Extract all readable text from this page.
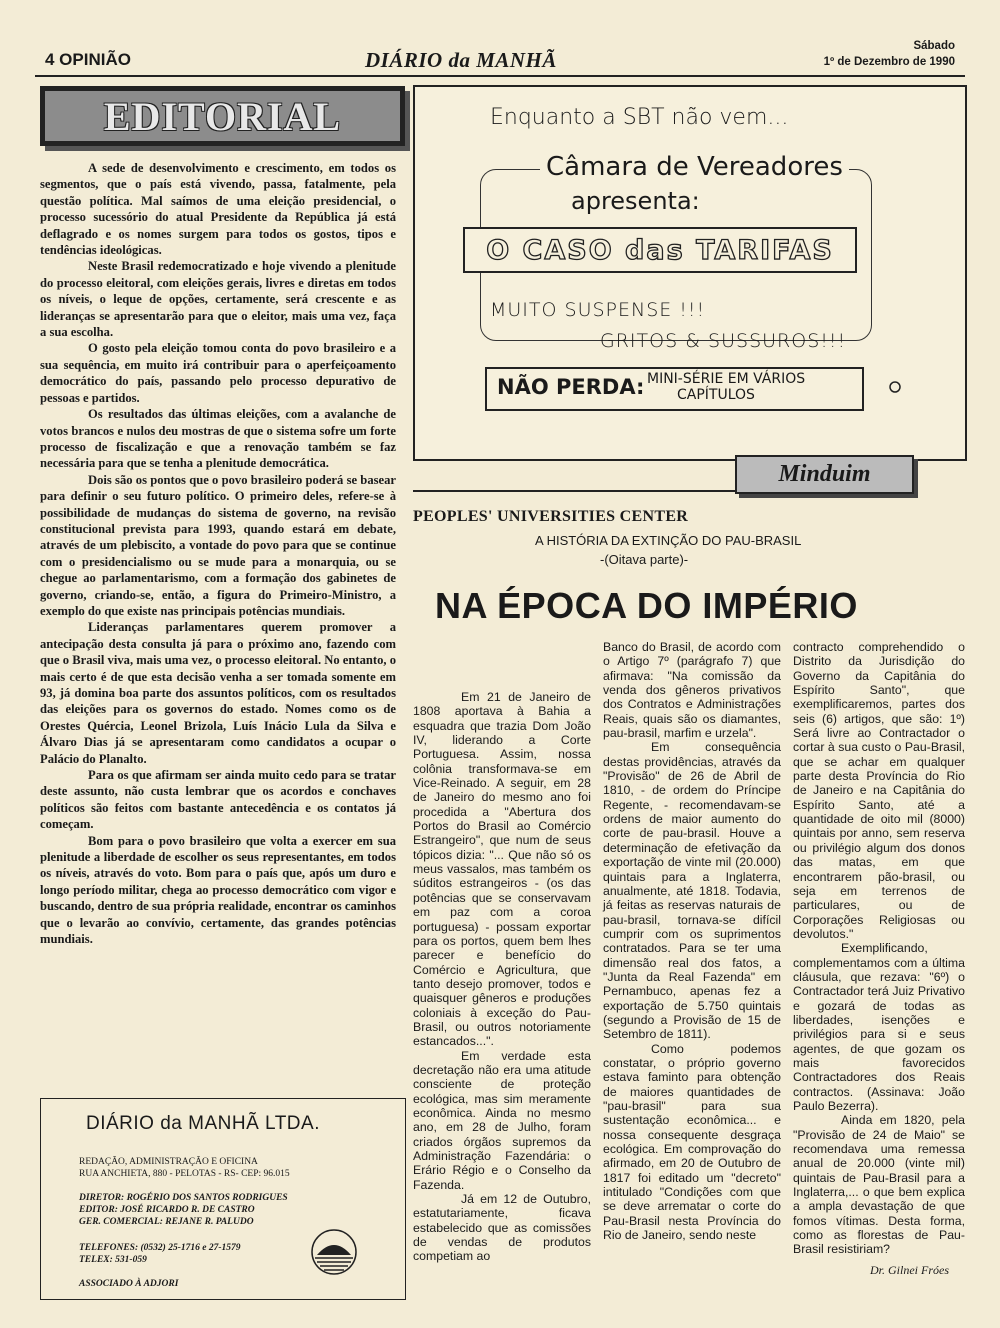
4 OPINIÃO	DIÁRIO da MANHÃ
Sábado
1º de Dezembro de 1990
EDITORIAL

A sede de desenvolvimento e crescimento, em todos os segmentos, que o país está vivendo, passa, fatalmente, pela questão política. Mal saímos de uma eleição presidencial, o processo sucessório do atual Presidente da República já está deflagrado e os nomes surgem para todos os gostos, tipos e tendências ideológicas.

Neste Brasil redemocratizado e hoje vivendo a plenitude do processo eleitoral, com eleições gerais, livres e diretas em todos os níveis, o leque de opções, certamente, será crescente e as lideranças se apresentarão para que o eleitor, mais uma vez, faça a sua escolha.

O gosto pela eleição tomou conta do povo brasileiro e a sua sequência, em muito irá contribuir para o aperfeiçoamento democrático do país, passando pelo processo depurativo de pessoas e partidos.

Os resultados das últimas eleições, com a avalanche de votos brancos e nulos deu mostras de que o sistema sofre um forte processo de fiscalização e que a renovação também se faz necessária para que se tenha a plenitude democrática.

Dois são os pontos que o povo brasileiro poderá se basear para definir o seu futuro político. O primeiro deles, refere-se à possibilidade de mudanças do sistema de governo, na revisão constitucional prevista para 1993, quando estará em debate, através de um plebiscito, a vontade do povo para que se continue com o presidencialismo ou se mude para a monarquia, ou se chegue ao parlamentarismo, com a formação dos gabinetes de governo, criando-se, então, a figura do Primeiro-Ministro, a exemplo do que existe nas principais potências mundiais.

Lideranças parlamentares querem promover a antecipação desta consulta já para o próximo ano, fazendo com que o Brasil viva, mais uma vez, o processo eleitoral. No entanto, o mais certo é de que esta decisão venha a ser tomada somente em 93, já domina boa parte dos assuntos políticos, com os resultados das eleições para os governos do estado. Nomes como os de Orestes Quércia, Leonel Brizola, Luís Inácio Lula da Silva e Álvaro Dias já se apresentaram como candidatos a ocupar o Palácio do Planalto.

Para os que afirmam ser ainda muito cedo para se tratar deste assunto, não custa lembrar que os acordos e conchaves políticos são feitos com bastante antecedência e os contatos já começam.

Bom para o povo brasileiro que volta a exercer em sua plenitude a liberdade de escolher os seus representantes, em todos os níveis, através do voto. Bom para o país que, após um duro e longo período militar, chega ao processo democrático com vigor e buscando, dentro de sua própria realidade, encontrar os caminhos que o levarão ao convívio, certamente, das grandes potências mundiais.

Enquanto a SBT não vem...
Câmara de Vereadores
apresenta:
O CASO das TARIFAS
MUITO SUSPENSE !!!
GRITOS & SUSSUROS!!!
NÃO PERDA: MINI-SÉRIE EM VÁRIOS
CAPÍTULOS
Minduim
PEOPLES' UNIVERSITIES CENTER
A HISTÓRIA DA EXTINÇÃO DO PAU-BRASIL
-(Oitava parte)-
NA ÉPOCA DO IMPÉRIO

Em 21 de Janeiro de 1808 aportava à Bahia a esquadra que trazia Dom João IV, liderando a Corte Portuguesa. Assim, nossa colônia transformava-se em Vice-Reinado. A seguir, em 28 de Janeiro do mesmo ano foi procedida a "Abertura dos Portos do Brasil ao Comércio Estrangeiro", que num de seus tópicos dizia: "... Que não só os meus vassalos, mas também os súditos estrangeiros - (os das potências que se conservavam em paz com a coroa portuguesa) - possam exportar para os portos, quem bem lhes parecer e benefício do Comércio e Agricultura, que tanto desejo promover, todos e quaisquer gêneros e produções coloniais à exceção do Pau-Brasil, ou outros notoriamente estancados...".

Em verdade esta decretação não era uma atitude consciente de proteção ecológica, mas sim meramente econômica. Ainda no mesmo ano, em 28 de Julho, foram criados órgãos supremos da Administração Fazendária: o Erário Régio e o Conselho da Fazenda.

Já em 12 de Outubro, estatutariamente, ficava estabelecido que as comissões de vendas de produtos competiam ao

Banco do Brasil, de acordo com o Artigo 7º (parágrafo 7) que afirmava: "Na comissão da venda dos gêneros privativos dos Contratos e Administrações Reais, quais são os diamantes, pau-brasil, marfim e urzela".

Em consequência destas providências, através da "Provisão" de 26 de Abril de 1810, - de ordem do Príncipe Regente, - recomendavam-se ordens de maior aumento do corte de pau-brasil. Houve a determinação de efetivação da exportação de vinte mil (20.000) quintais para a Inglaterra, anualmente, até 1818. Todavia, já feitas as reservas naturais de pau-brasil, tornava-se difícil cumprir com os suprimentos contratados. Para se ter uma dimensão real dos fatos, a "Junta da Real Fazenda" em Pernambuco, apenas fez a exportação de 5.750 quintais (segundo a Provisão de 15 de Setembro de 1811).

Como podemos constatar, o próprio governo estava faminto para obtenção de maiores quantidades de "pau-brasil" para sua sustentação econômica... e nossa consequente desgraça ecológica. Em comprovação do afirmado, em 20 de Outubro de 1817 foi editado um "decreto" intitulado "Condições com que se deve arrematar o corte do Pau-Brasil nesta Província do Rio de Janeiro, sendo neste

contracto comprehendido o Distrito da Jurisdição do Governo da Capitânia do Espírito Santo", que exemplificaremos, partes dos seis (6) artigos, que são: 1º) Será livre ao Contractador o cortar à sua custo o Pau-Brasil, que se achar em qualquer parte desta Província do Rio de Janeiro e na Capitânia do Espírito Santo, até a quantidade de oito mil (8000) quintais por anno, sem reserva ou privilégio algum dos donos das matas, em que encontrarem pão-brasil, ou seja em terrenos de particulares, ou de Corporações Religiosas ou devolutos."

Exemplificando, complementamos com a última cláusula, que rezava: "6º) o Contractador terá Juiz Privativo e gozará de todas as liberdades, isenções e privilégios para si e seus agentes, de que gozam os mais favorecidos Contractadores dos Reais contractos. (Assinava: João Paulo Bezerra).

Ainda em 1820, pela "Provisão de 24 de Maio" se recomendava uma remessa anual de 20.000 (vinte mil) quintais de Pau-Brasil para a Inglaterra,... o que bem explica a ampla devastação de que fomos vítimas. Desta forma, como as florestas de Pau-Brasil resistiriam?

Dr. Gilnei Fróes
DIÁRIO da MANHÃ LTDA.
REDAÇÃO, ADMINISTRAÇÃO E OFICINA
RUA ANCHIETA, 880 - PELOTAS - RS- CEP: 96.015
DIRETOR: ROGÉRIO DOS SANTOS RODRIGUES
EDITOR: JOSÉ RICARDO R. DE CASTRO
GER. COMERCIAL: REJANE R. PALUDO
TELEFONES: (0532) 25-1716 e 27-1579
TELEX: 531-059
ASSOCIADO À ADJORI
